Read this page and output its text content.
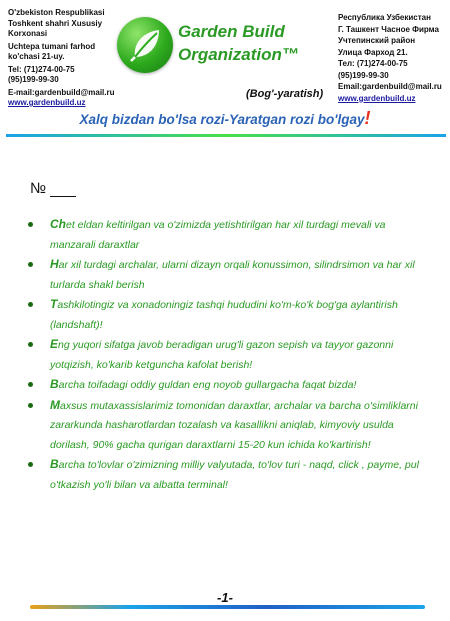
O'zbekiston Respublikasi
Toshkent shahri Xususiy
Korxonasi
Uchtepa tumani farhod
ko'chasi 21-uy.
Tel: (71)274-00-75
(95)199-99-30
E-mail:gardenbuild@mail.ru
www.gardenbuild.uz
Garden Build
Organization™
(Bog'-yaratish)
Республика Узбекистан
Г. Ташкент Часное Фирма
Учтепинский район
Улица Фарход 21.
Тел: (71)274-00-75
(95)199-99-30
Email:gardenbuild@mail.ru
www.gardenbuild.uz
Xalq bizdan bo'lsa rozi-Yaratgan rozi bo'lgay!
№
Chet eldan keltirilgan va o'zimizda yetishtirilgan har xil turdagi mevali va manzarali daraxtlar
Har xil turdagi archalar, ularni dizayn orqali konussimon, silindrsimon va har xil turlarda shakl berish
Tashkilotingiz va xonadoningiz tashqi hududini ko'm-ko'k bog'ga aylantirish (landshaft)!
Eng yuqori sifatga javob beradigan urug'li gazon sepish va tayyor gazonni yotqizish, ko'karib ketguncha kafolat berish!
Barcha toifadagi oddiy guldan eng noyob gullargacha faqat bizda!
Maxsus mutaxassislarimiz tomonidan daraxtlar, archalar va barcha o'simliklarni zararkunda hasharotlardan tozalash va kasallikni aniqlab, kimyoviy usulda dorilash, 90% gacha qurigan daraxtlarni 15-20 kun ichida ko'kartirish!
Barcha to'lovlar o'zimizning milliy valyutada, to'lov turi - naqd, click , payme, pul o'tkazish yo'li bilan va albatta terminal!
-1-
